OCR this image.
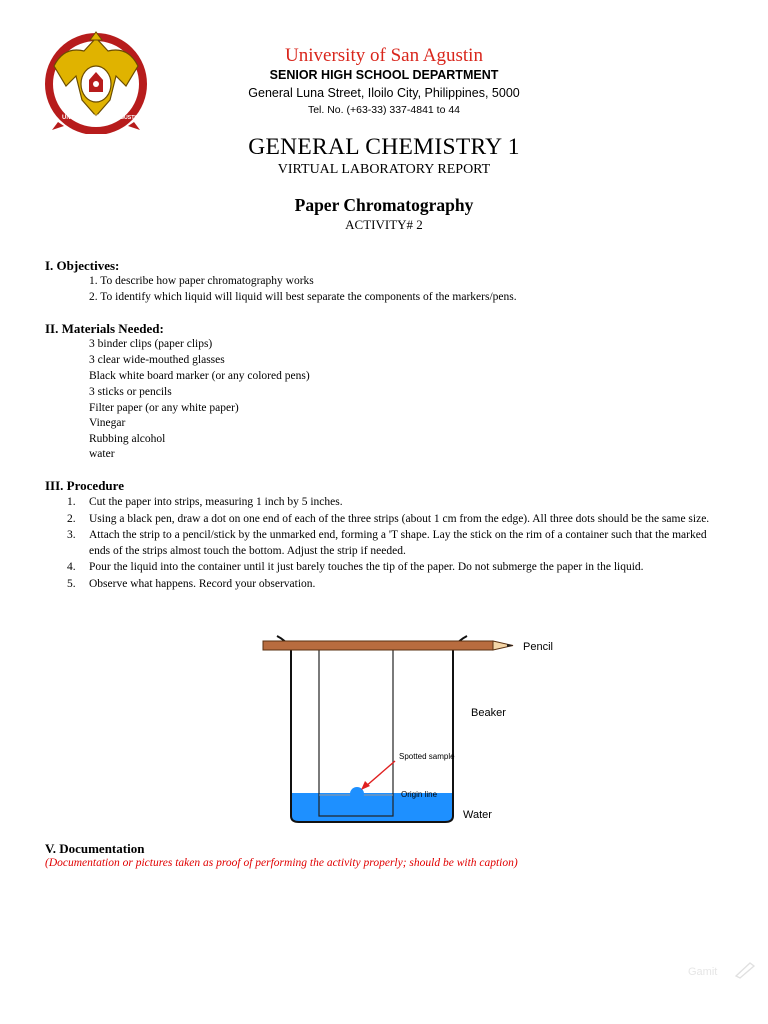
UNIVERSITY SAN AGUSTIN
University of San Agustin
SENIOR HIGH SCHOOL DEPARTMENT
General Luna Street, Iloilo City, Philippines, 5000
Tel. No. (+63-33) 337-4841 to 44
GENERAL CHEMISTRY 1
VIRTUAL LABORATORY REPORT
Paper Chromatography
ACTIVITY# 2
I. Objectives:
1. To describe how paper chromatography works
2. To identify which liquid will liquid will best separate the components of the markers/pens.
II. Materials Needed:
3 binder clips (paper clips)
3 clear wide-mouthed glasses
Black white board marker (or any colored pens)
3 sticks or pencils
Filter paper (or any white paper)
Vinegar
Rubbing alcohol
water
III. Procedure
1.	Cut the paper into strips, measuring 1 inch by 5 inches.
2.	Using a black pen, draw a dot on one end of each of the three strips (about 1 cm from the edge). All three dots should be the same size.
3.	Attach the strip to a pencil/stick by the unmarked end, forming a 'T shape. Lay the stick on the rim of a container such that the marked ends of the strips almost touch the bottom. Adjust the strip if needed.
4.	Pour the liquid into the container until it just barely touches the tip of the paper. Do not submerge the paper in the liquid.
5.	Observe what happens. Record your observation.
Pencil
Beaker
Spotted sample
Origin line
Water
V. Documentation
(Documentation or pictures taken as proof of performing the activity properly; should be with caption)
Gamit
